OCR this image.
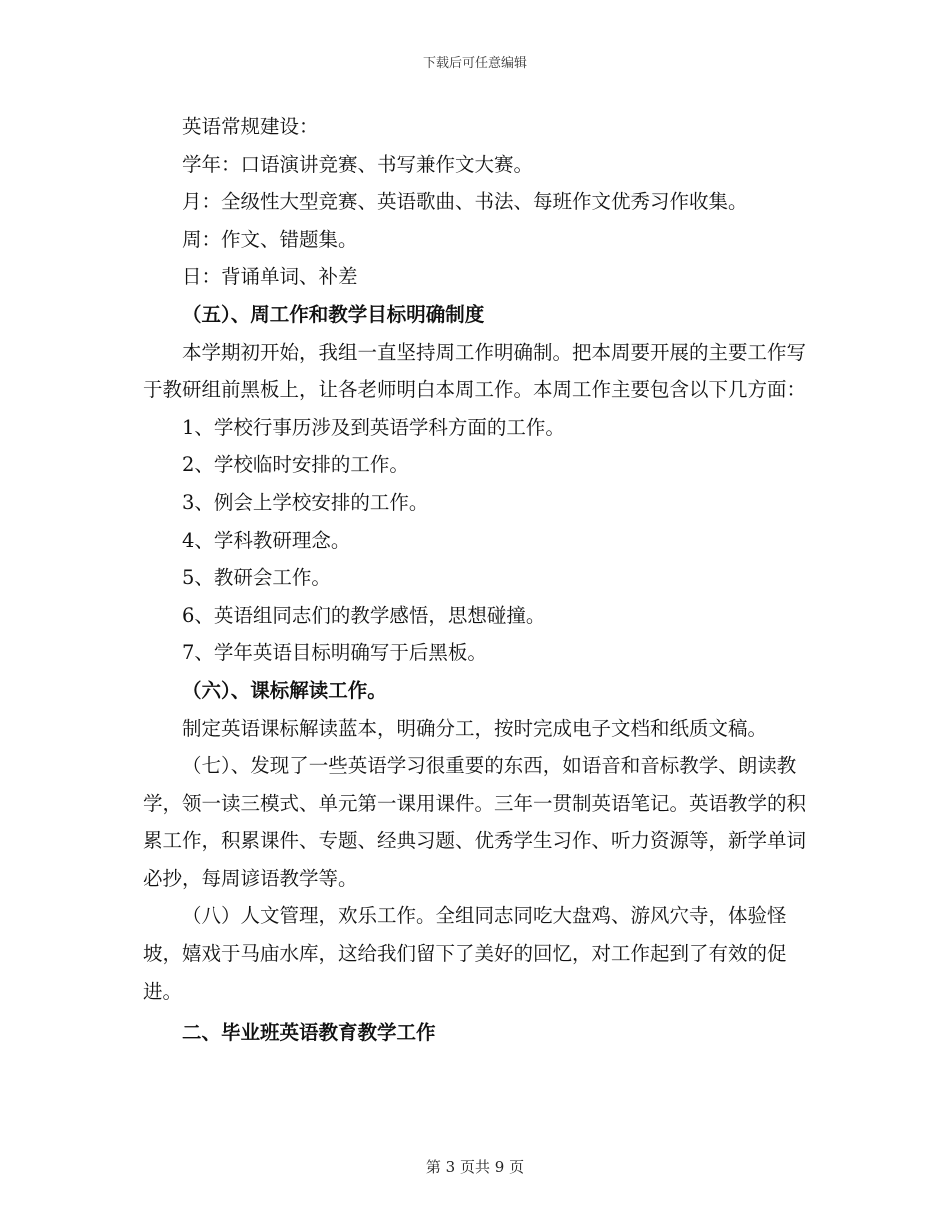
下载后可任意编辑

英语常规建设：

学年：口语演讲竞赛、书写兼作文大赛。

月：全级性大型竞赛、英语歌曲、书法、每班作文优秀习作收集。

周：作文、错题集。

日：背诵单词、补差

（五）、周工作和教学目标明确制度

本学期初开始，我组一直坚持周工作明确制。把本周要开展的主要工作写于教研组前黑板上，让各老师明白本周工作。本周工作主要包含以下几方面：

1、学校行事历涉及到英语学科方面的工作。

2、学校临时安排的工作。

3、例会上学校安排的工作。

4、学科教研理念。

5、教研会工作。

6、英语组同志们的教学感悟，思想碰撞。

7、学年英语目标明确写于后黑板。

（六）、课标解读工作。

制定英语课标解读蓝本，明确分工，按时完成电子文档和纸质文稿。

（七）、发现了一些英语学习很重要的东西，如语音和音标教学、朗读教学，领一读三模式、单元第一课用课件。三年一贯制英语笔记。英语教学的积累工作，积累课件、专题、经典习题、优秀学生习作、听力资源等，新学单词必抄，每周谚语教学等。

（八）人文管理，欢乐工作。全组同志同吃大盘鸡、游风穴寺，体验怪坡，嬉戏于马庙水库，这给我们留下了美好的回忆，对工作起到了有效的促进。

二、毕业班英语教育教学工作

第 3 页共 9 页
